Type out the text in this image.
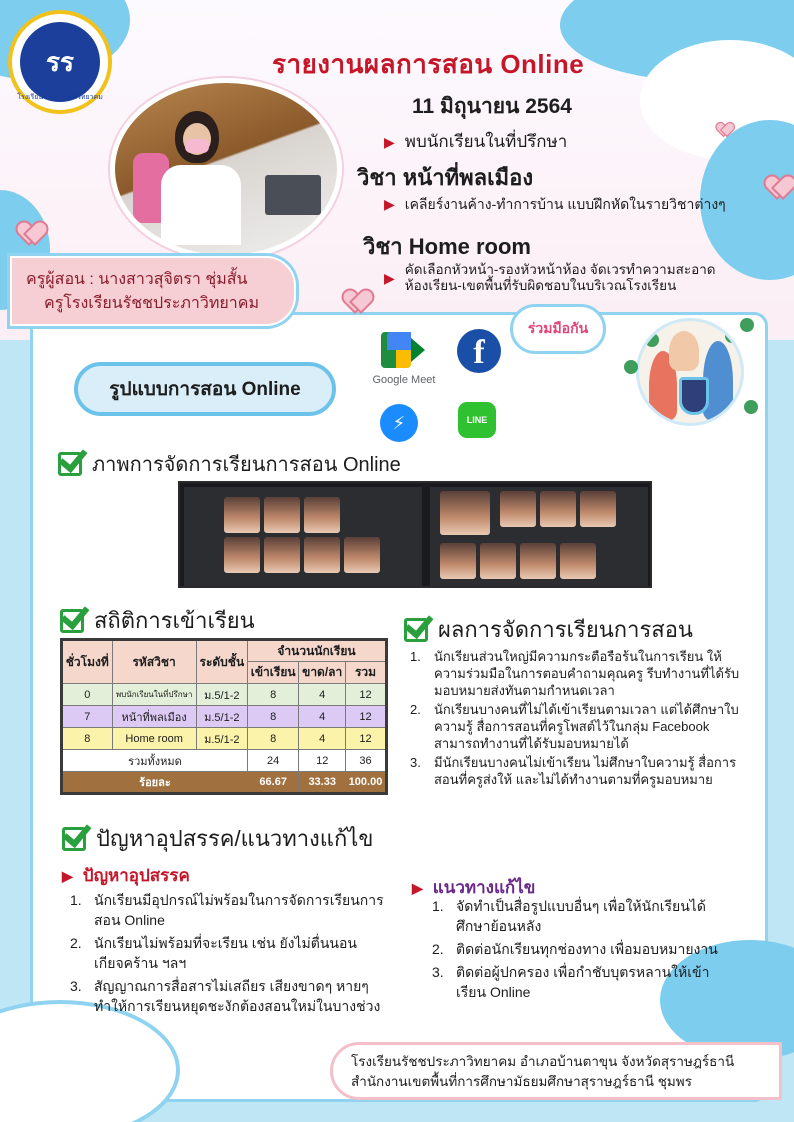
รร
โรงเรียนรัชชประภาวิทยาคม
รายงานผลการสอน Online
11 มิถุนายน 2564
▶ พบนักเรียนในที่ปรึกษา
วิชา หน้าที่พลเมือง
▶ เคลียร์งานค้าง-ทำการบ้าน แบบฝึกหัดในรายวิชาต่างๆ
วิชา Home room
▶
คัดเลือกหัวหน้า-รองหัวหน้าห้อง จัดเวรทำความสะอาด
ห้องเรียน-เขตพื้นที่รับผิดชอบในบริเวณโรงเรียน
ครูผู้สอน : นางสาวสุจิตรา ชุ่มสั้น
ครูโรงเรียนรัชชประภาวิทยาคม
รูปแบบการสอน Online	Google Meet
f
⚡	LINE
ร่วมมือกัน
ภาพการจัดการเรียนการสอน Online
สถิติการเข้าเรียน
ชั่วโมงที่	รหัสวิชา	ระดับชั้น	จำนวนนักเรียน		
			เข้าเรียน	ขาด/ลา	รวม
0	พบนักเรียนในที่ปรึกษา	ม.5/1-2	8	4	12
7	หน้าที่พลเมือง	ม.5/1-2	8	4	12
8	Home room	ม.5/1-2	8	4	12
รวมทั้งหมด			24	12	36
ร้อยละ			66.67	33.33	100.00
ผลการจัดการเรียนการสอน
1.	นักเรียนส่วนใหญ่มีความกระตือรือร้นในการเรียน ให้ความร่วมมือในการตอบคำถามคุณครู รีบทำงานที่ได้รับมอบหมายส่งทันตามกำหนดเวลา
2.	นักเรียนบางคนที่ไม่ได้เข้าเรียนตามเวลา แต่ได้ศึกษาใบความรู้ สื่อการสอนที่ครูโพสต์ไว้ในกลุ่ม Facebook สามารถทำงานที่ได้รับมอบหมายได้
3.	มีนักเรียนบางคนไม่เข้าเรียน ไม่ศึกษาใบความรู้ สื่อการสอนที่ครูส่งให้ และไม่ได้ทำงานตามที่ครูมอบหมาย
ปัญหาอุปสรรค/แนวทางแก้ไข
▶ ปัญหาอุปสรรค
1. นักเรียนมีอุปกรณ์ไม่พร้อมในการจัดการเรียนการสอน Online
2. นักเรียนไม่พร้อมที่จะเรียน เช่น ยังไม่ตื่นนอน เกียจคร้าน ฯลฯ
3. สัญญาณการสื่อสารไม่เสถียร เสียงขาดๆ หายๆ ทำให้การเรียนหยุดชะงักต้องสอนใหม่ในบางช่วง
▶ แนวทางแก้ไข
1. จัดทำเป็นสื่อรูปแบบอื่นๆ เพื่อให้นักเรียนได้ศึกษาย้อนหลัง
2. ติดต่อนักเรียนทุกช่องทาง เพื่อมอบหมายงาน
3. ติดต่อผู้ปกครอง เพื่อกำชับบุตรหลานให้เข้าเรียน Online
โรงเรียนรัชชประภาวิทยาคม อำเภอบ้านตาขุน จังหวัดสุราษฎร์ธานี
สำนักงานเขตพื้นที่การศึกษามัธยมศึกษาสุราษฎร์ธานี ชุมพร
